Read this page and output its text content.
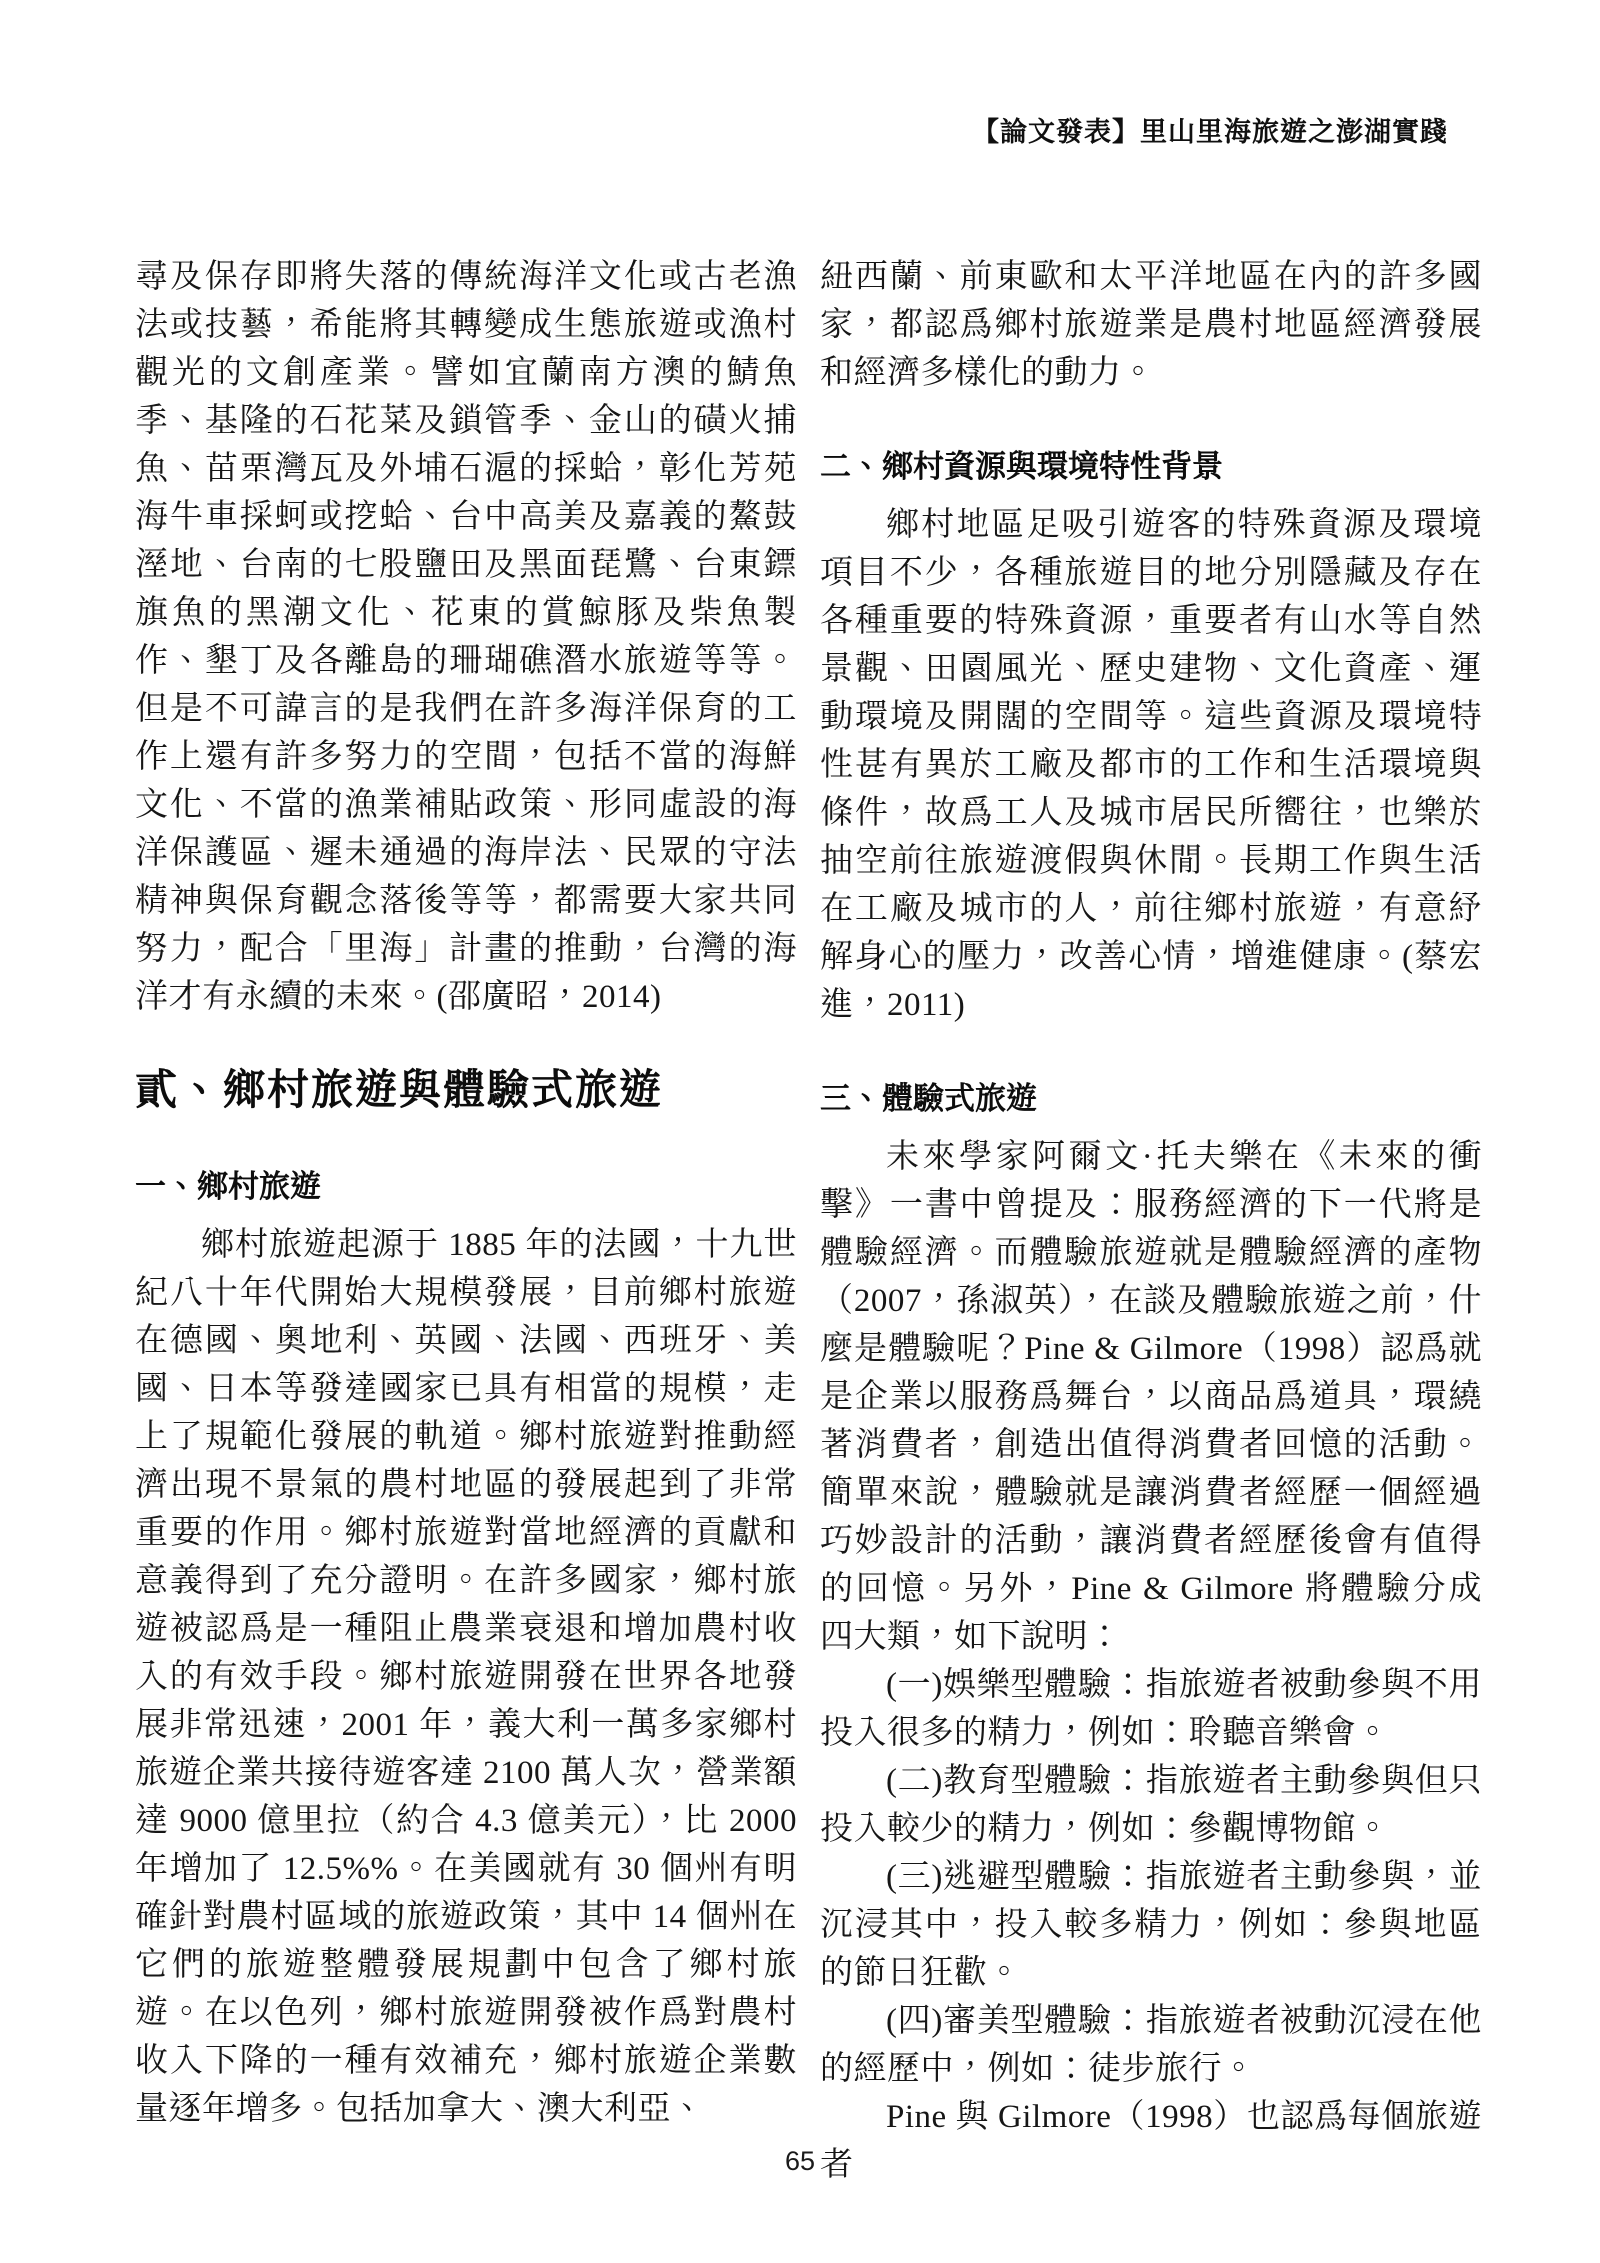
【論文發表】里山里海旅遊之澎湖實踐

尋及保存即將失落的傳統海洋文化或古老漁法或技藝，希能將其轉變成生態旅遊或漁村觀光的文創產業。譬如宜蘭南方澳的鯖魚季、基隆的石花菜及鎖管季、金山的磺火捕魚、苗栗灣瓦及外埔石滬的採蛤，彰化芳苑海牛車採蚵或挖蛤、台中高美及嘉義的鰲鼓溼地、台南的七股鹽田及黑面琵鷺、台東鏢旗魚的黑潮文化、花東的賞鯨豚及柴魚製作、墾丁及各離島的珊瑚礁潛水旅遊等等。但是不可諱言的是我們在許多海洋保育的工作上還有許多努力的空間，包括不當的海鮮文化、不當的漁業補貼政策、形同虛設的海洋保護區、遲未通過的海岸法、民眾的守法精神與保育觀念落後等等，都需要大家共同努力，配合「里海」計畫的推動，台灣的海洋才有永續的未來。(邵廣昭，2014)

貳、鄉村旅遊與體驗式旅遊
一、鄉村旅遊

鄉村旅遊起源于 1885 年的法國，十九世紀八十年代開始大規模發展，目前鄉村旅遊在德國、奧地利、英國、法國、西班牙、美國、日本等發達國家已具有相當的規模，走上了規範化發展的軌道。鄉村旅遊對推動經濟出現不景氣的農村地區的發展起到了非常重要的作用。鄉村旅遊對當地經濟的貢獻和意義得到了充分證明。在許多國家，鄉村旅遊被認爲是一種阻止農業衰退和增加農村收入的有效手段。鄉村旅遊開發在世界各地發展非常迅速，2001 年，義大利一萬多家鄉村旅遊企業共接待遊客達 2100 萬人次，營業額達 9000 億里拉（約合 4.3 億美元），比 2000 年增加了 12.5%%。在美國就有 30 個州有明確針對農村區域的旅遊政策，其中 14 個州在它們的旅遊整體發展規劃中包含了鄉村旅遊。在以色列，鄉村旅遊開發被作爲對農村收入下降的一種有效補充，鄉村旅遊企業數量逐年增多。包括加拿大、澳大利亞、

紐西蘭、前東歐和太平洋地區在內的許多國家，都認爲鄉村旅遊業是農村地區經濟發展和經濟多樣化的動力。

二、鄉村資源與環境特性背景

鄉村地區足吸引遊客的特殊資源及環境項目不少，各種旅遊目的地分別隱藏及存在各種重要的特殊資源，重要者有山水等自然景觀、田園風光、歷史建物、文化資產、運動環境及開闊的空間等。這些資源及環境特性甚有異於工廠及都市的工作和生活環境與條件，故爲工人及城市居民所嚮往，也樂於抽空前往旅遊渡假與休閒。長期工作與生活在工廠及城市的人，前往鄉村旅遊，有意紓解身心的壓力，改善心情，增進健康。(蔡宏進，2011)

三、體驗式旅遊

未來學家阿爾文·托夫樂在《未來的衝擊》一書中曾提及：服務經濟的下一代將是體驗經濟。而體驗旅遊就是體驗經濟的產物（2007，孫淑英），在談及體驗旅遊之前，什麼是體驗呢？Pine & Gilmore（1998）認爲就是企業以服務爲舞台，以商品爲道具，環繞著消費者，創造出值得消費者回憶的活動。簡單來說，體驗就是讓消費者經歷一個經過巧妙設計的活動，讓消費者經歷後會有值得的回憶。另外，Pine & Gilmore 將體驗分成四大類，如下說明：

(一)娛樂型體驗：指旅遊者被動參與不用投入很多的精力，例如：聆聽音樂會。

(二)教育型體驗：指旅遊者主動參與但只投入較少的精力，例如：參觀博物館。

(三)逃避型體驗：指旅遊者主動參與，並沉浸其中，投入較多精力，例如：參與地區的節日狂歡。

(四)審美型體驗：指旅遊者被動沉浸在他的經歷中，例如：徒步旅行。

Pine 與 Gilmore（1998）也認爲每個旅遊者

65
